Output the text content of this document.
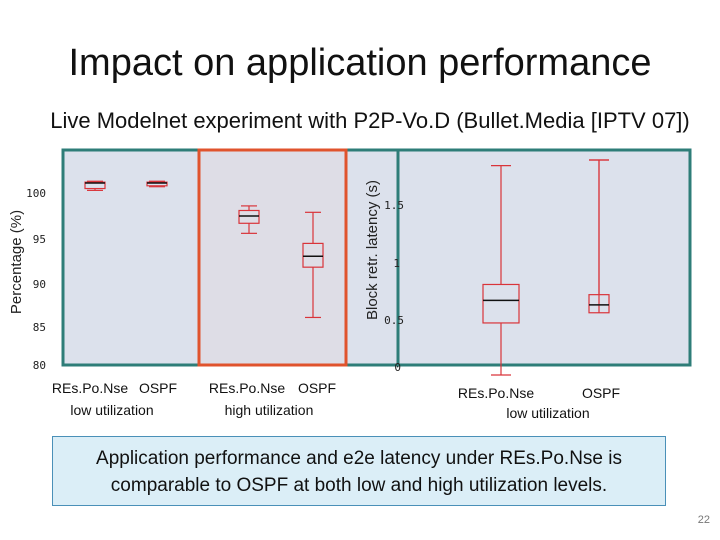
Impact on application performance
Live Modelnet experiment with P2P-Vo.D (Bullet.Media [IPTV 07])
Percentage (%)	Block retr. latency (s)
80
85
90
95
100
0
0.5
1
1.5
REs.Po.Nse OSPF
low utilization
REs.Po.Nse OSPF
high utilization
REs.Po.Nse	OSPF
low utilization
Application performance and e2e latency under REs.Po.Nse is comparable to OSPF at both low and high utilization levels.
22
